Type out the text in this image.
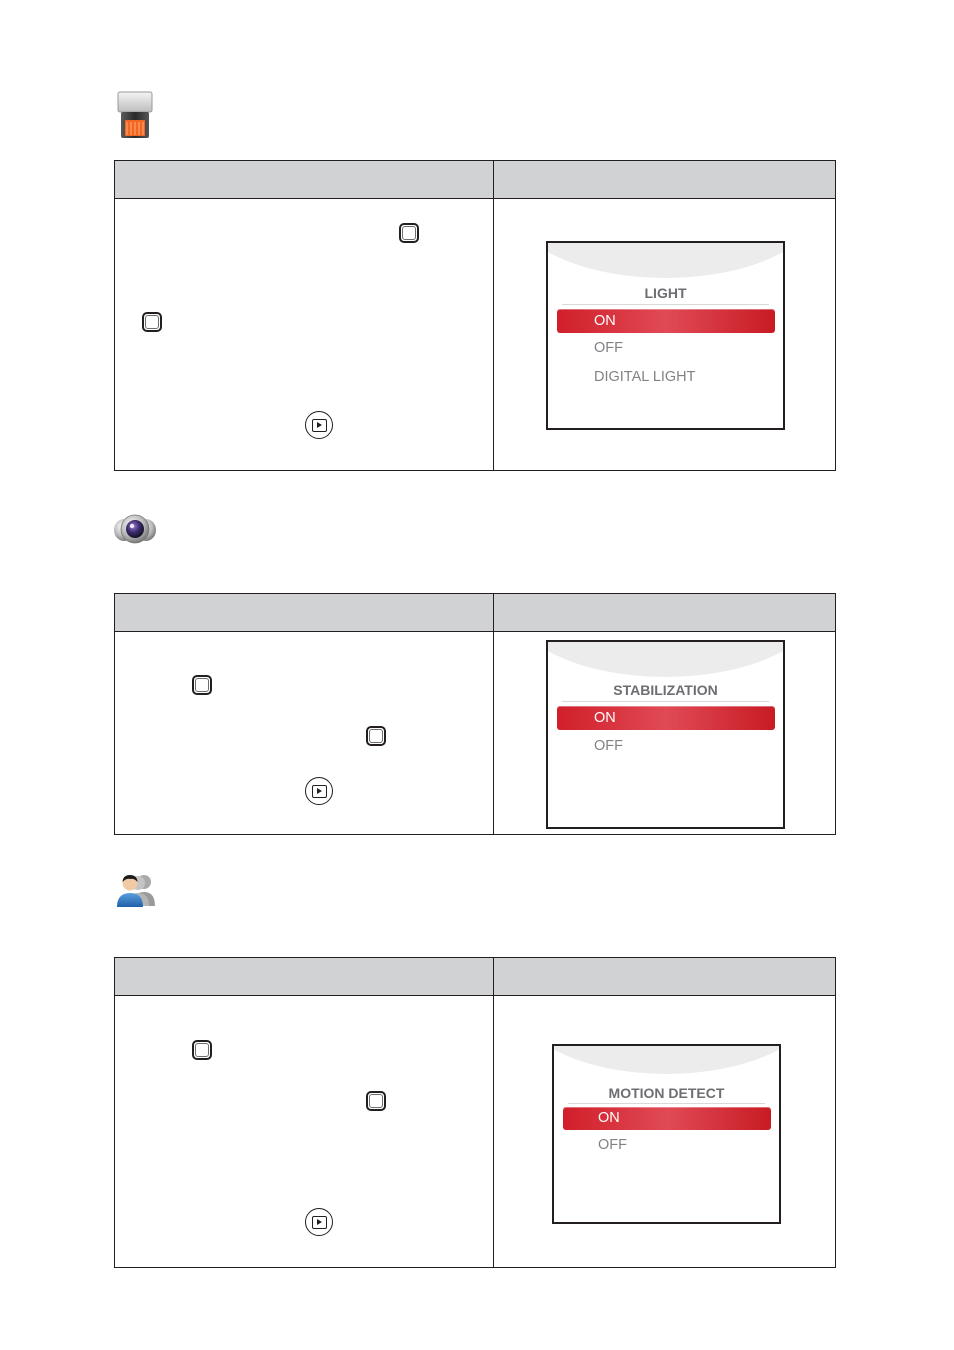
LIGHT
ON
OFF
DIGITAL LIGHT
STABILIZATION
ON
OFF
MOTION DETECT
ON
OFF
